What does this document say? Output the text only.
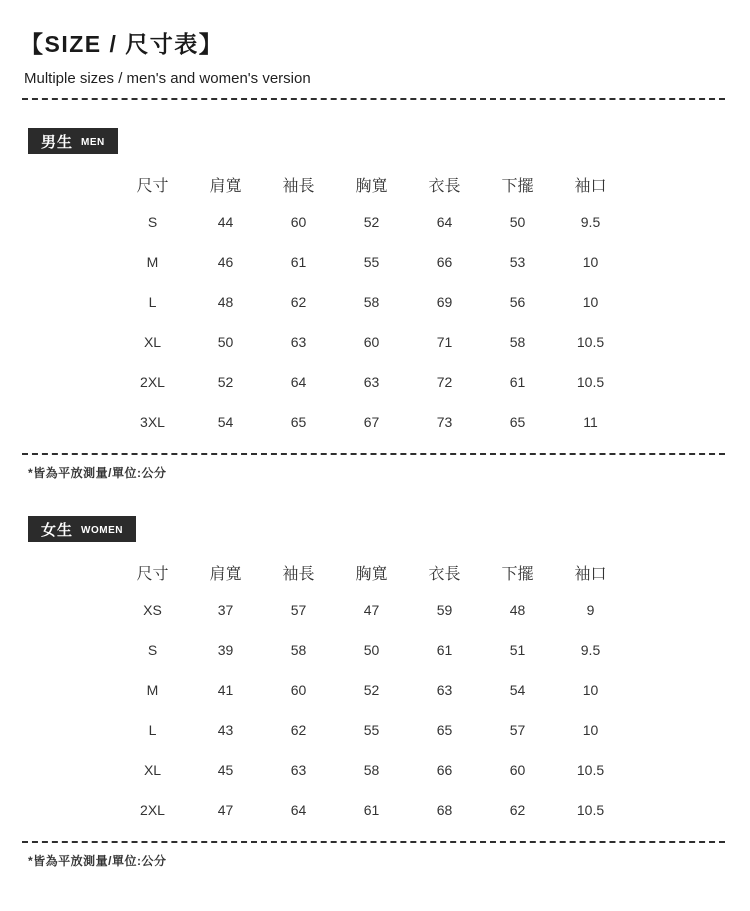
【SIZE / 尺寸表】

Multiple sizes / men's and women's version

男生 MEN
尺寸	肩寬	袖長	胸寬	衣長	下擺	袖口
S	44	60	52	64	50	9.5
M	46	61	55	66	53	10
L	48	62	58	69	56	10
XL	50	63	60	71	58	10.5
2XL	52	64	63	72	61	10.5
3XL	54	65	67	73	65	11

*皆為平放測量/單位:公分

女生 WOMEN
尺寸	肩寬	袖長	胸寬	衣長	下擺	袖口
XS	37	57	47	59	48	9
S	39	58	50	61	51	9.5
M	41	60	52	63	54	10
L	43	62	55	65	57	10
XL	45	63	58	66	60	10.5
2XL	47	64	61	68	62	10.5

*皆為平放測量/單位:公分
